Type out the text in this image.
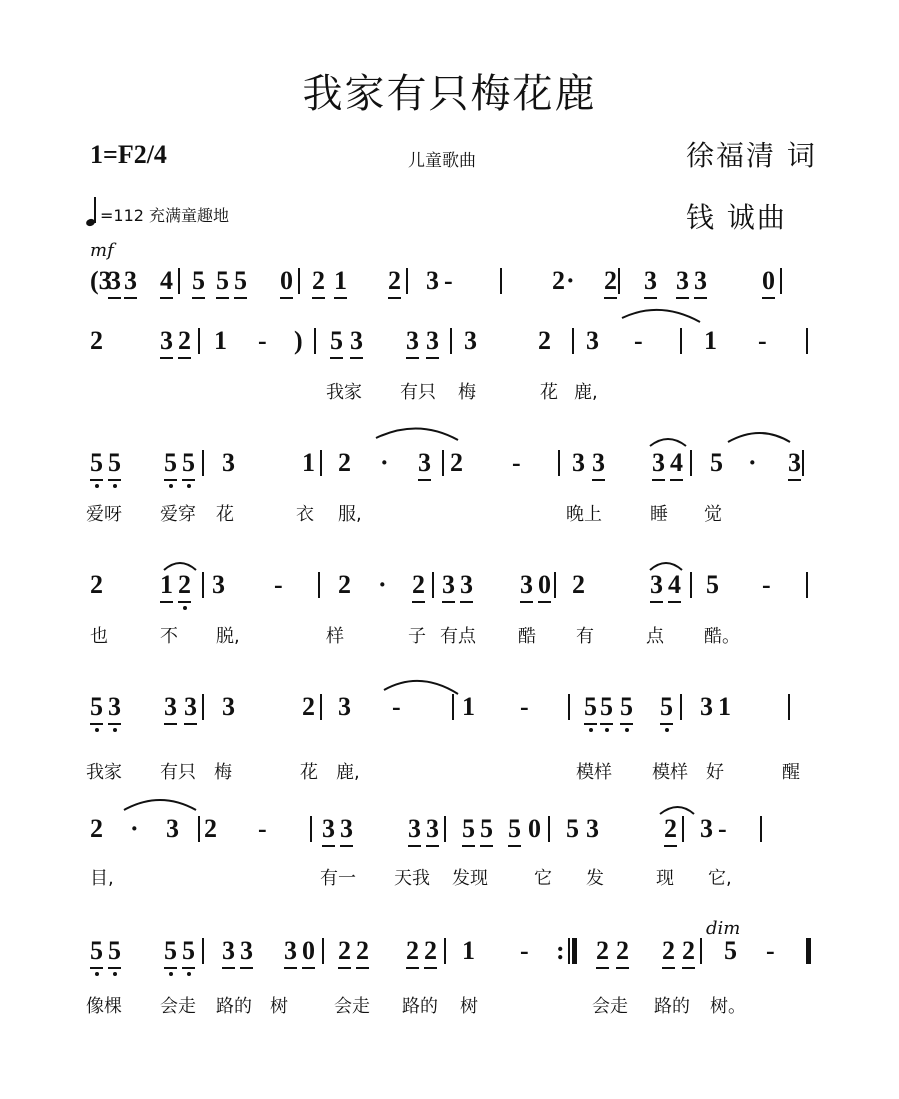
我家有只梅花鹿
1=F2/4	儿童歌曲	徐福清 词
钱 诚曲
=112 充满童趣地
mf
dim
(3
3 3 4 5 5 5 0 2 1 2 3 -	2 · 2 3 3 3 0
2 3 2 1 - ) 5 3 3 3 3 2 3 - 1 -
我家 有只 梅	花 鹿,
5 5 5 5 3	1 2 · 3 2 - 3 3 3 4 5 · 3
爱呀 爱穿 花	衣 服,	晚上	睡 觉
2 1 2 3 - 2 · 2 3 3 3 0 2	3 4 5 -
也	不 脱,	样	子 有点 酷 有	点 酷。
5 3 3 3 3	2 3 - 1 - 5 5 5 5 3 1
我家 有只 梅	花 鹿,	模样 模样 好	醒
2 · 3 2 - 3 3 3 3 5 5 5 0 5 3	2 3 -
目,	有一 天我 发现	它 发	现 它,
5 5 5 5 3 3 3 0 2 2 2 2 1 - : 2 2 2 2 5 -
像棵 会走 路的 树	会走 路的 树	会走 路的 树。
